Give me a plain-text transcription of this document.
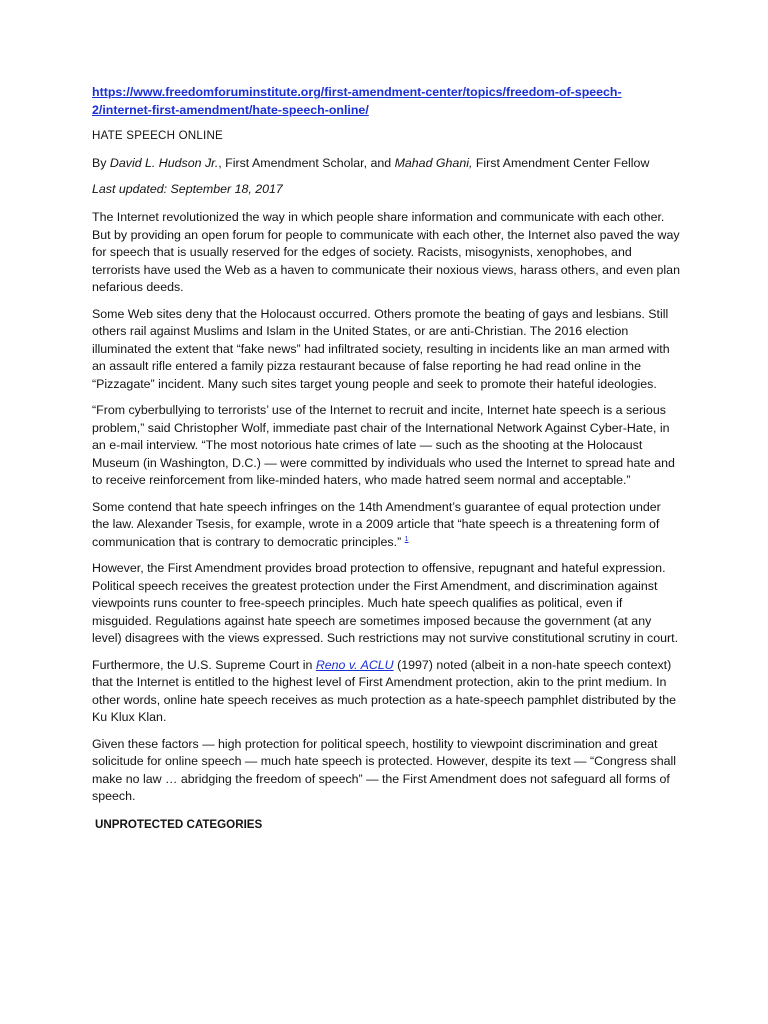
https://www.freedomforuminstitute.org/first-amendment-center/topics/freedom-of-speech-
2/internet-first-amendment/hate-speech-online/
HATE SPEECH ONLINE
By David L. Hudson Jr., First Amendment Scholar, and Mahad Ghani, First Amendment Center Fellow
Last updated: September 18, 2017

The Internet revolutionized the way in which people share information and communicate with each other. But by providing an open forum for people to communicate with each other, the Internet also paved the way for speech that is usually reserved for the edges of society. Racists, misogynists, xenophobes, and terrorists have used the Web as a haven to communicate their noxious views, harass others, and even plan nefarious deeds.

Some Web sites deny that the Holocaust occurred. Others promote the beating of gays and lesbians. Still others rail against Muslims and Islam in the United States, or are anti-Christian. The 2016 election illuminated the extent that “fake news” had infiltrated society, resulting in incidents like an man armed with an assault rifle entered a family pizza restaurant because of false reporting he had read online in the “Pizzagate” incident. Many such sites target young people and seek to promote their hateful ideologies.

“From cyberbullying to terrorists’ use of the Internet to recruit and incite, Internet hate speech is a serious problem,” said Christopher Wolf, immediate past chair of the International Network Against Cyber-Hate, in an e-mail interview. “The most notorious hate crimes of late — such as the shooting at the Holocaust Museum (in Washington, D.C.) — were committed by individuals who used the Internet to spread hate and to receive reinforcement from like-minded haters, who made hatred seem normal and acceptable.”

Some contend that hate speech infringes on the 14th Amendment’s guarantee of equal protection under the law. Alexander Tsesis, for example, wrote in a 2009 article that “hate speech is a threatening form of communication that is contrary to democratic principles.” $^1$

However, the First Amendment provides broad protection to offensive, repugnant and hateful expression. Political speech receives the greatest protection under the First Amendment, and discrimination against viewpoints runs counter to free-speech principles. Much hate speech qualifies as political, even if misguided. Regulations against hate speech are sometimes imposed because the government (at any level) disagrees with the views expressed. Such restrictions may not survive constitutional scrutiny in court.

Furthermore, the U.S. Supreme Court in Reno v. ACLU (1997) noted (albeit in a non-hate speech context) that the Internet is entitled to the highest level of First Amendment protection, akin to the print medium. In other words, online hate speech receives as much protection as a hate-speech pamphlet distributed by the Ku Klux Klan.

Given these factors — high protection for political speech, hostility to viewpoint discrimination and great solicitude for online speech — much hate speech is protected. However, despite its text — “Congress shall make no law … abridging the freedom of speech” — the First Amendment does not safeguard all forms of speech.

UNPROTECTED CATEGORIES
